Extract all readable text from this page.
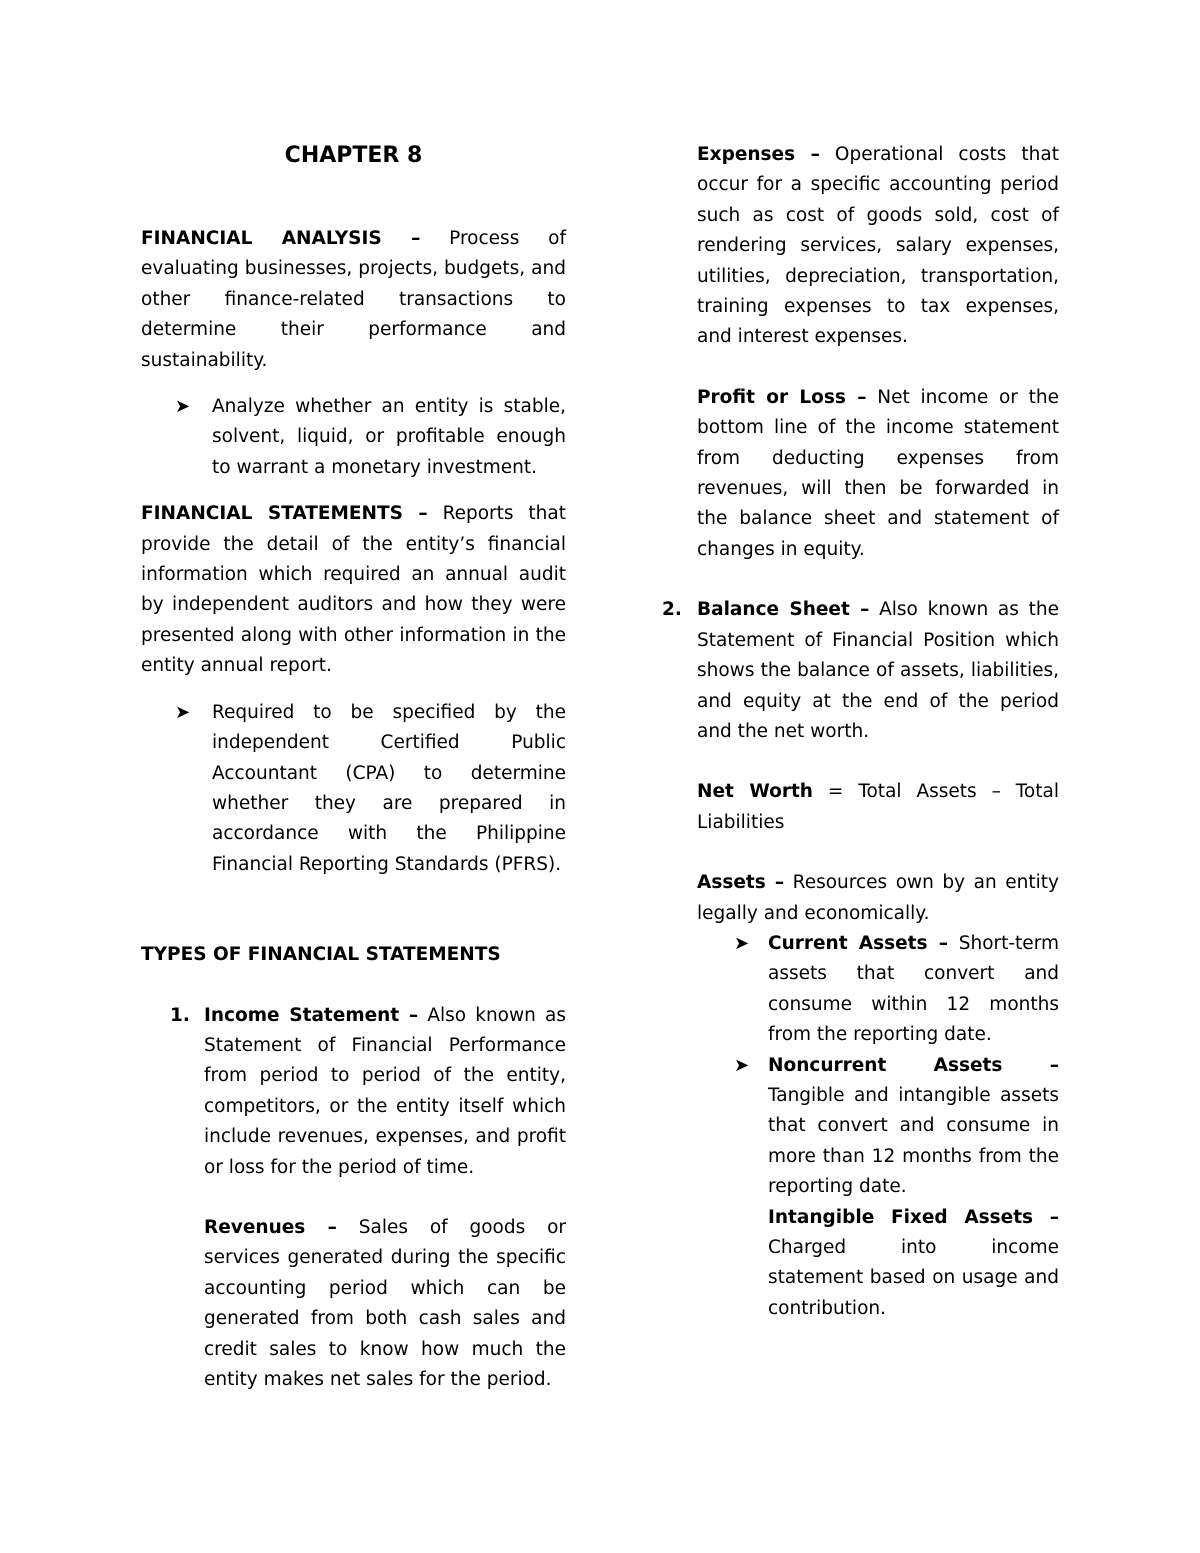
CHAPTER 8

FINANCIAL ANALYSIS – Process of evaluating businesses, projects, budgets, and other finance-related transactions to determine their performance and sustainability.

➤ Analyze whether an entity is stable, solvent, liquid, or profitable enough to warrant a monetary investment.

FINANCIAL STATEMENTS – Reports that provide the detail of the entity’s financial information which required an annual audit by independent auditors and how they were presented along with other information in the entity annual report.

➤ Required to be specified by the independent Certified Public Accountant (CPA) to determine whether they are prepared in accordance with the Philippine Financial Reporting Standards (PFRS).

TYPES OF FINANCIAL STATEMENTS

1. Income Statement – Also known as Statement of Financial Performance from period to period of the entity, competitors, or the entity itself which include revenues, expenses, and profit or loss for the period of time.
Revenues – Sales of goods or services generated during the specific accounting period which can be generated from both cash sales and credit sales to know how much the entity makes net sales for the period.

Expenses – Operational costs that occur for a specific accounting period such as cost of goods sold, cost of rendering services, salary expenses, utilities, depreciation, transportation, training expenses to tax expenses, and interest expenses.

Profit or Loss – Net income or the bottom line of the income statement from deducting expenses from revenues, will then be forwarded in the balance sheet and statement of changes in equity.

2. Balance Sheet – Also known as the Statement of Financial Position which shows the balance of assets, liabilities, and equity at the end of the period and the net worth.

Net Worth = Total Assets – Total Liabilities

Assets – Resources own by an entity legally and economically.

➤ Current Assets – Short-term assets that convert and consume within 12 months from the reporting date.
➤ Noncurrent Assets – Tangible and intangible assets that convert and consume in more than 12 months from the reporting date.
Intangible Fixed Assets – Charged into income statement based on usage and contribution.
